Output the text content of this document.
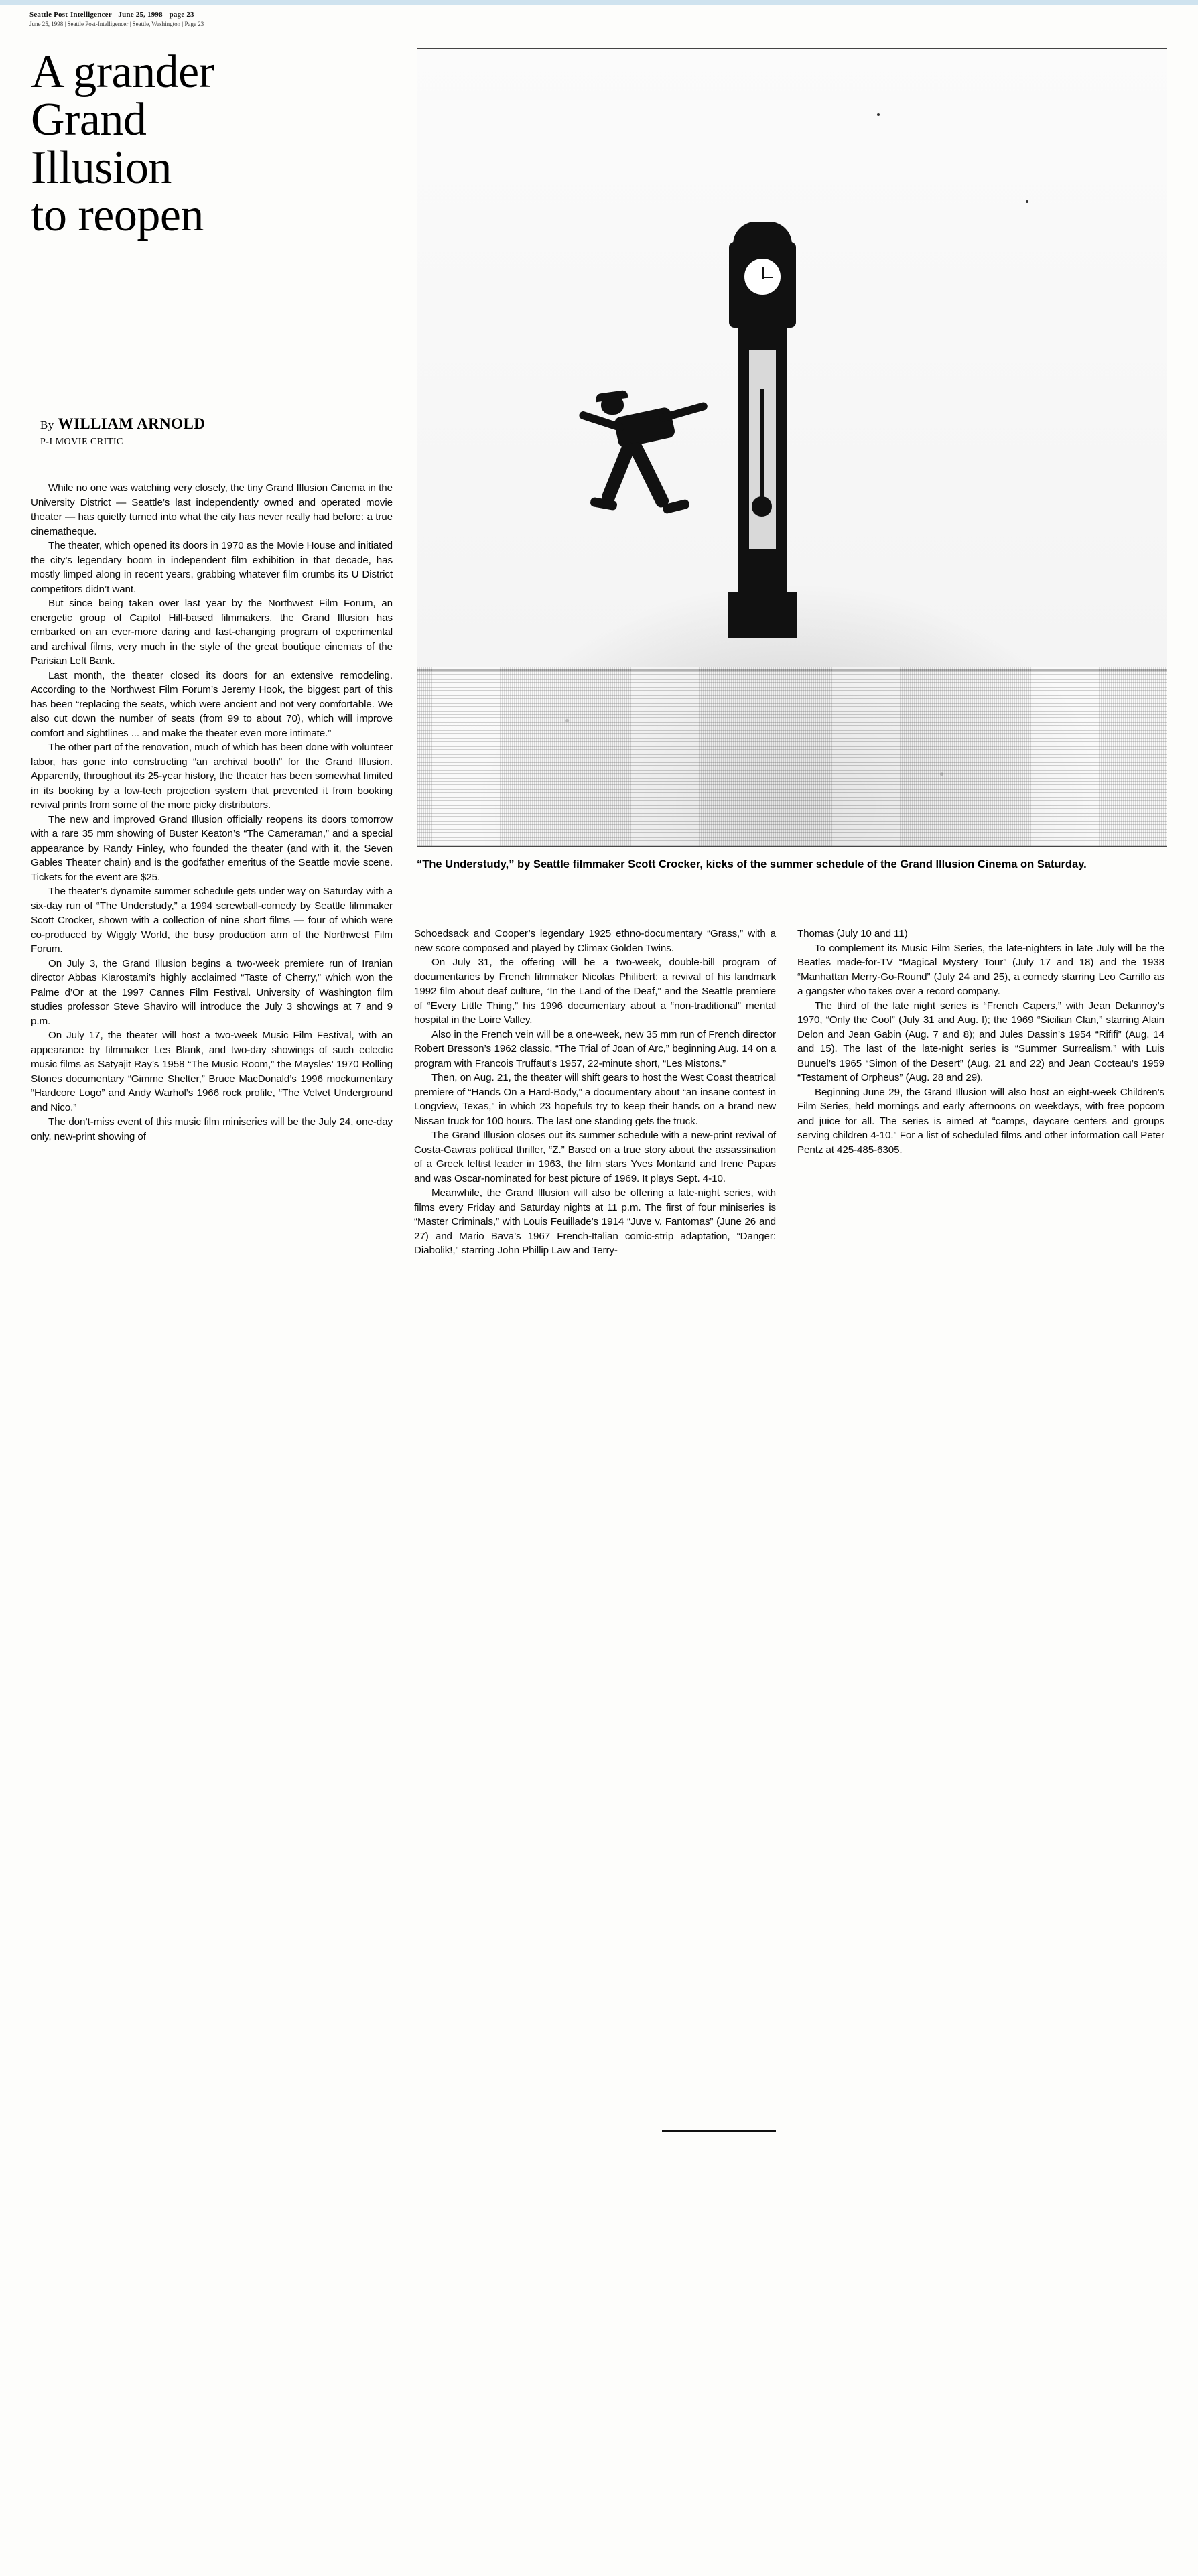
Seattle Post-Intelligencer - June 25, 1998 - page 23
June 25, 1998 | Seattle Post-Intelligencer | Seattle, Washington | Page 23
A grander
Grand
Illusion
to reopen
By WILLIAM ARNOLD
P-I MOVIE CRITIC
“The Understudy,” by Seattle filmmaker Scott Crocker, kicks of the summer schedule of the Grand Illusion Cinema on Saturday.

While no one was watching very closely, the tiny Grand Illusion Cinema in the University District — Seattle’s last independently owned and operated movie theater — has quietly turned into what the city has never really had before: a true cinematheque.

The theater, which opened its doors in 1970 as the Movie House and initiated the city’s legendary boom in independent film exhibition in that decade, has mostly limped along in recent years, grabbing whatever film crumbs its U District competitors didn’t want.

But since being taken over last year by the Northwest Film Forum, an energetic group of Capitol Hill-based filmmakers, the Grand Illusion has embarked on an ever-more daring and fast-changing program of experimental and archival films, very much in the style of the great boutique cinemas of the Parisian Left Bank.

Last month, the theater closed its doors for an extensive remodeling. According to the Northwest Film Forum’s Jeremy Hook, the biggest part of this has been “replacing the seats, which were ancient and not very comfortable. We also cut down the number of seats (from 99 to about 70), which will improve comfort and sightlines ... and make the theater even more intimate.”

The other part of the renovation, much of which has been done with volunteer labor, has gone into constructing “an archival booth” for the Grand Illusion. Apparently, throughout its 25-year history, the theater has been somewhat limited in its booking by a low-tech projection system that prevented it from booking revival prints from some of the more picky distributors.

The new and improved Grand Illusion officially reopens its doors tomorrow with a rare 35 mm showing of Buster Keaton’s “The Cameraman,” and a special appearance by Randy Finley, who founded the theater (and with it, the Seven Gables Theater chain) and is the godfather emeritus of the Seattle movie scene. Tickets for the event are $25.

The theater’s dynamite summer schedule gets under way on Saturday with a six-day run of “The Understudy,” a 1994 screwball-comedy by Seattle filmmaker Scott Crocker, shown with a collection of nine short films — four of which were co-produced by Wiggly World, the busy production arm of the Northwest Film Forum.

On July 3, the Grand Illusion begins a two-week premiere run of Iranian director Abbas Kiarostami’s highly acclaimed “Taste of Cherry,” which won the Palme d’Or at the 1997 Cannes Film Festival. University of Washington film studies professor Steve Shaviro will introduce the July 3 showings at 7 and 9 p.m.

On July 17, the theater will host a two-week Music Film Festival, with an appearance by filmmaker Les Blank, and two-day showings of such eclectic music films as Satyajit Ray’s 1958 “The Music Room,” the Maysles’ 1970 Rolling Stones documentary “Gimme Shelter,” Bruce MacDonald’s 1996 mockumentary “Hardcore Logo” and Andy Warhol’s 1966 rock profile, “The Velvet Underground and Nico.”

The don’t-miss event of this music film miniseries will be the July 24, one-day only, new-print showing of

Schoedsack and Cooper’s legendary 1925 ethno-documentary “Grass,” with a new score composed and played by Climax Golden Twins.

On July 31, the offering will be a two-week, double-bill program of documentaries by French filmmaker Nicolas Philibert: a revival of his landmark 1992 film about deaf culture, “In the Land of the Deaf,” and the Seattle premiere of “Every Little Thing,” his 1996 documentary about a “non-traditional” mental hospital in the Loire Valley.

Also in the French vein will be a one-week, new 35 mm run of French director Robert Bresson’s 1962 classic, “The Trial of Joan of Arc,” beginning Aug. 14 on a program with Francois Truffaut’s 1957, 22-minute short, “Les Mistons.”

Then, on Aug. 21, the theater will shift gears to host the West Coast theatrical premiere of “Hands On a Hard-Body,” a documentary about “an insane contest in Longview, Texas,” in which 23 hopefuls try to keep their hands on a brand new Nissan truck for 100 hours. The last one standing gets the truck.

The Grand Illusion closes out its summer schedule with a new-print revival of Costa-Gavras political thriller, “Z.” Based on a true story about the assassination of a Greek leftist leader in 1963, the film stars Yves Montand and Irene Papas and was Oscar-nominated for best picture of 1969. It plays Sept. 4-10.

Meanwhile, the Grand Illusion will also be offering a late-night series, with films every Friday and Saturday nights at 11 p.m. The first of four miniseries is “Master Criminals,” with Louis Feuillade’s 1914 “Juve v. Fantomas” (June 26 and 27) and Mario Bava’s 1967 French-Italian comic-strip adaptation, “Danger: Diabolik!,” starring John Phillip Law and Terry-

Thomas (July 10 and 11)

To complement its Music Film Series, the late-nighters in late July will be the Beatles made-for-TV “Magical Mystery Tour” (July 17 and 18) and the 1938 “Manhattan Merry-Go-Round” (July 24 and 25), a comedy starring Leo Carrillo as a gangster who takes over a record company.

The third of the late night series is “French Capers,” with Jean Delannoy’s 1970, “Only the Cool” (July 31 and Aug. l); the 1969 “Sicilian Clan,” starring Alain Delon and Jean Gabin (Aug. 7 and 8); and Jules Dassin’s 1954 “Rififi” (Aug. 14 and 15). The last of the late-night series is “Summer Surrealism,” with Luis Bunuel’s 1965 “Simon of the Desert” (Aug. 21 and 22) and Jean Cocteau’s 1959 “Testament of Orpheus” (Aug. 28 and 29).

Beginning June 29, the Grand Illusion will also host an eight-week Children’s Film Series, held mornings and early afternoons on weekdays, with free popcorn and juice for all. The series is aimed at “camps, daycare centers and groups serving children 4-10.” For a list of scheduled films and other information call Peter Pentz at 425-485-6305.
